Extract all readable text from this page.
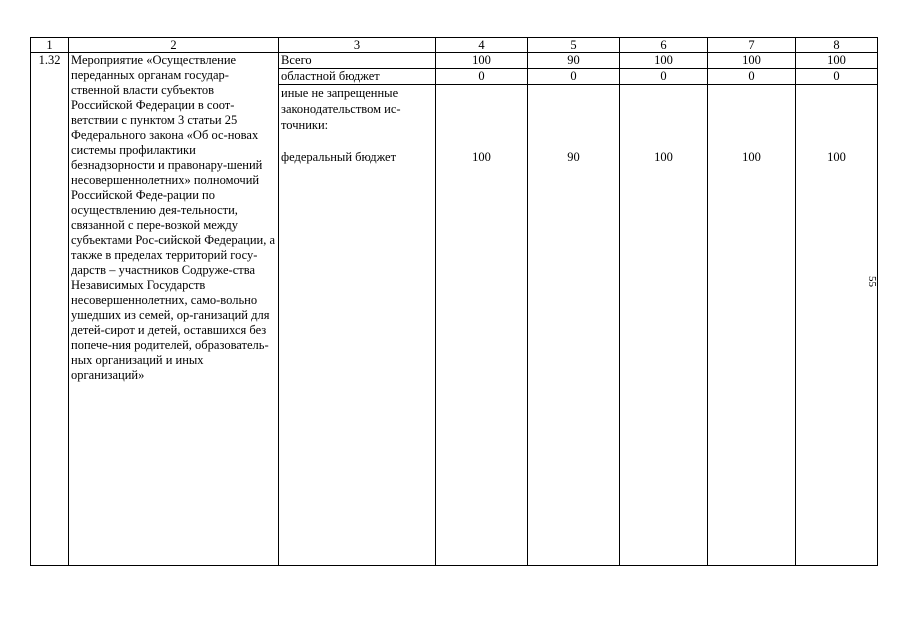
1	2	3	4	5	6	7	8
1.32	Мероприятие «Осуществление переданных органам государ-ственной власти субъектов Российской Федерации в соот-ветствии с пунктом 3 статьи 25 Федерального закона «Об ос-новах системы профилактики безнадзорности и правонару-шений несовершеннолетних» полномочий Российской Феде-рации по осуществлению дея-тельности, связанной с пере-возкой между субъектами Рос-сийской Федерации, а также в пределах территорий госу-дарств – участников Содруже-ства Независимых Государств несовершеннолетних, само-вольно ушедших из семей, ор-ганизаций для детей-сирот и детей, оставшихся без попече-ния родителей, образователь-ных организаций и иных организаций»	Всего	100	90	100	100	100
		областной бюджет	0	0	0	0	0

		иные не запрещенные законодательством ис-точники:
федеральный бюджет	100	90	100	100	100
55
